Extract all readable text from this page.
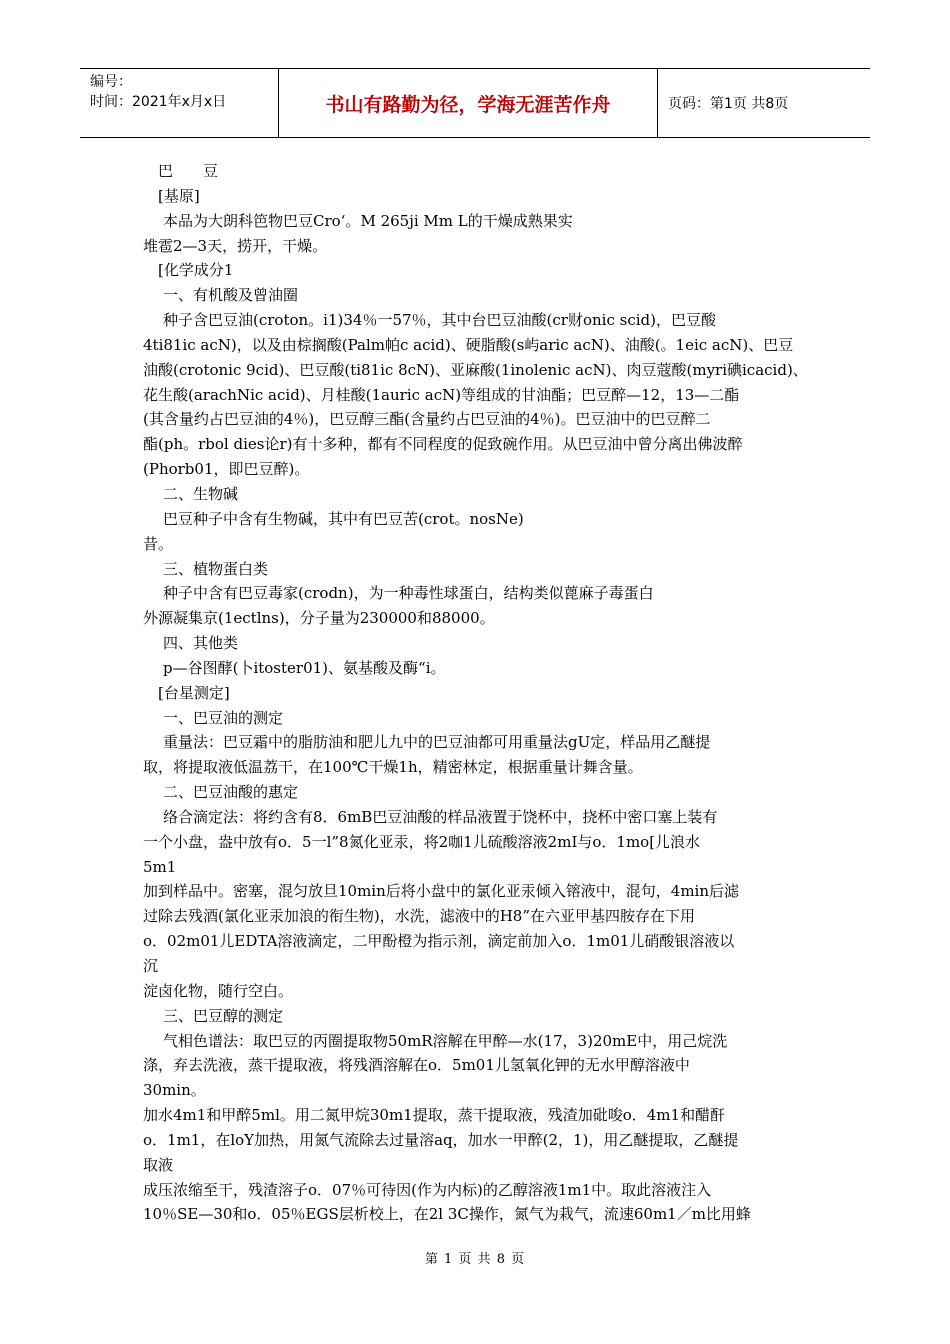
编号：
时间：2021年x月x日	书山有路勤为径，学海无涯苦作舟	页码：第1页 共8页
巴　　豆
[基原]
本品为大朗科笆物巴豆Cro‘。M 265ji Mm L的干燥成熟果实
堆雹2—3天，捞开，干燥。
[化学成分1
一、有机酸及曾油圈
种子含巴豆油(croton。i1)34％一57％，其中台巴豆油酸(cr财onic scid)，巴豆酸
4ti81ic acN)，以及由棕搁酸(Palm帕c acid)、硬脂酸(s屿aric acN)、油酸(。1eic acN)、巴豆
油酸(crotonic 9cid)、巴豆酸(ti81ic 8cN)、亚麻酸(1inolenic acN)、肉豆蔻酸(myri碘icacid)、
花生酸(arachNic acid)、月桂酸(1auric acN)等组成的甘油酯；巴豆醉—12，13—二酯
(其含量约占巴豆油的4％)，巴豆醇三酯(含量约占巴豆油的4％)。巴豆油中的巴豆醉二
酯(ph。rbol dies论r)有十多种，都有不同程度的促致碗作用。从巴豆油中曾分离出佛波醉
(Phorb01，即巴豆醉)。
二、生物碱
巴豆种子中含有生物碱，其中有巴豆苦(crot。nosNe)
昔。
三、植物蛋白类
种子中含有巴豆毒家(crodn)，为一种毒性球蛋白，结构类似蓖麻子毒蛋白
外源凝集京(1ectlns)，分子量为230000和88000。
四、其他类
p—谷图酵(卜itoster01)、氨基酸及酶“i。
[台星测定]
一、巴豆油的测定
重量法：巴豆霜中的脂肪油和肥儿九中的巴豆油都可用重量法gU定，样品用乙醚提
取，将提取液低温荔干，在100℃干燥1h，精密林定，根据重量计舞含量。
二、巴豆油酸的惠定
络合滴定法：将约含有8．6mB巴豆油酸的样品液置于饶杯中，挠杯中密口塞上装有
一个小盘，盎中放有o．5一l”8氮化亚汞，将2咖1儿硫酸溶液2mI与o．1mo[儿浪水
5m1
加到样品中。密塞，混匀放旦10min后将小盘中的氯化亚汞倾入镕液中，混句，4min后滤
过除去残酒(氯化亚汞加浪的衔生物)，水洗，滤液中的H8”在六亚甲基四胺存在下用
o．02m01儿EDTA溶液滴定，二甲酚橙为指示剂，滴定前加入o．1m01儿硝酸银溶液以
沉
淀卤化物，随行空白。
三、巴豆醇的测定
气相色谱法：取巴豆的丙圈提取物50mR溶解在甲醉—水(17，3)20mE中，用己烷洗
涤，弃去洗液，蒸干提取液，将残酒溶解在o．5m01儿氢氧化钾的无水甲醇溶液中
30min。
加水4m1和甲醉5ml。用二氮甲烷30m1提取，蒸干提取液，残渣加砒唆o．4m1和醋酐
o．1m1，在loY加热，用氮气流除去过量溶aq，加水一甲醉(2，1)，用乙醚提取，乙醚提
取液
成压浓缩至干，残渣溶子o．07％可待因(作为内标)的乙醇溶液1m1中。取此溶液注入
10％SE—30和o．05％EGS层析校上，在2l 3C操作，氮气为栽气，流速60m1／m比用蜂
第 1 页 共 8 页
